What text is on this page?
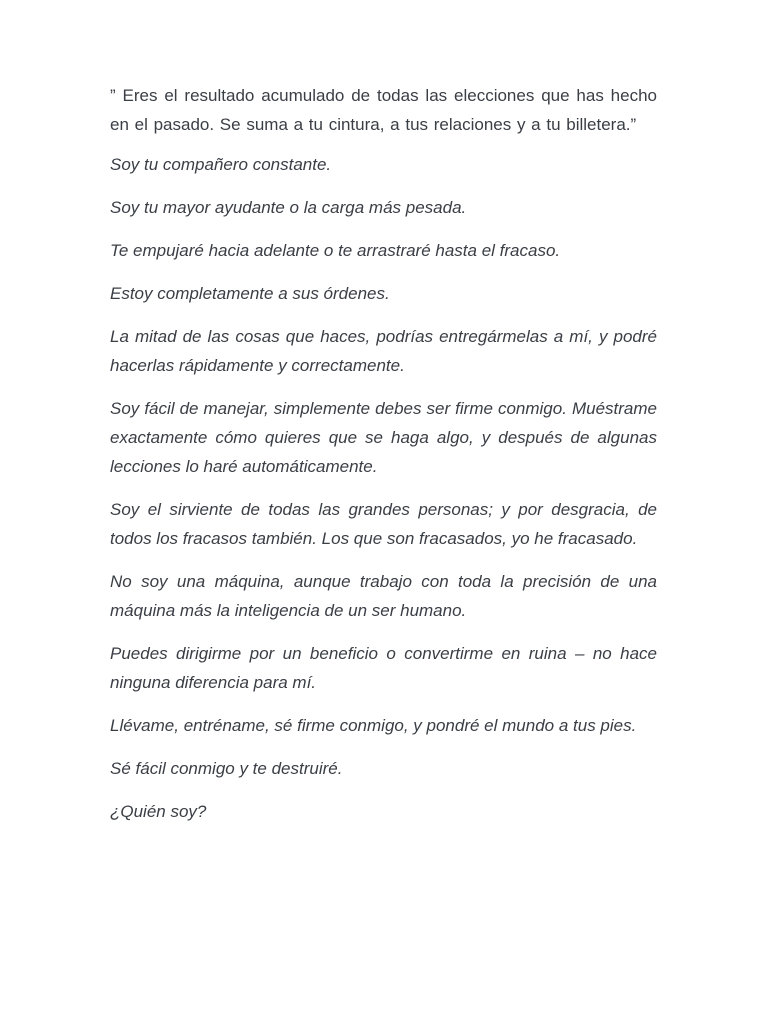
” Eres el resultado acumulado de todas las elecciones que has hecho en el pasado. Se suma a tu cintura, a tus relaciones y a tu billetera.”

Soy tu compañero constante.

Soy tu mayor ayudante o la carga más pesada.

Te empujaré hacia adelante o te arrastraré hasta el fracaso.

Estoy completamente a sus órdenes.

La mitad de las cosas que haces, podrías entregármelas a mí, y podré hacerlas rápidamente y correctamente.

Soy fácil de manejar, simplemente debes ser firme conmigo. Muéstrame exactamente cómo quieres que se haga algo, y después de algunas lecciones lo haré automáticamente.

Soy el sirviente de todas las grandes personas; y por desgracia, de todos los fracasos también. Los que son fracasados, yo he fracasado.

No soy una máquina, aunque trabajo con toda la precisión de una máquina más la inteligencia de un ser humano.

Puedes dirigirme por un beneficio o convertirme en ruina – no hace ninguna diferencia para mí.

Llévame, entréname, sé firme conmigo, y pondré el mundo a tus pies.

Sé fácil conmigo y te destruiré.

¿Quién soy?
